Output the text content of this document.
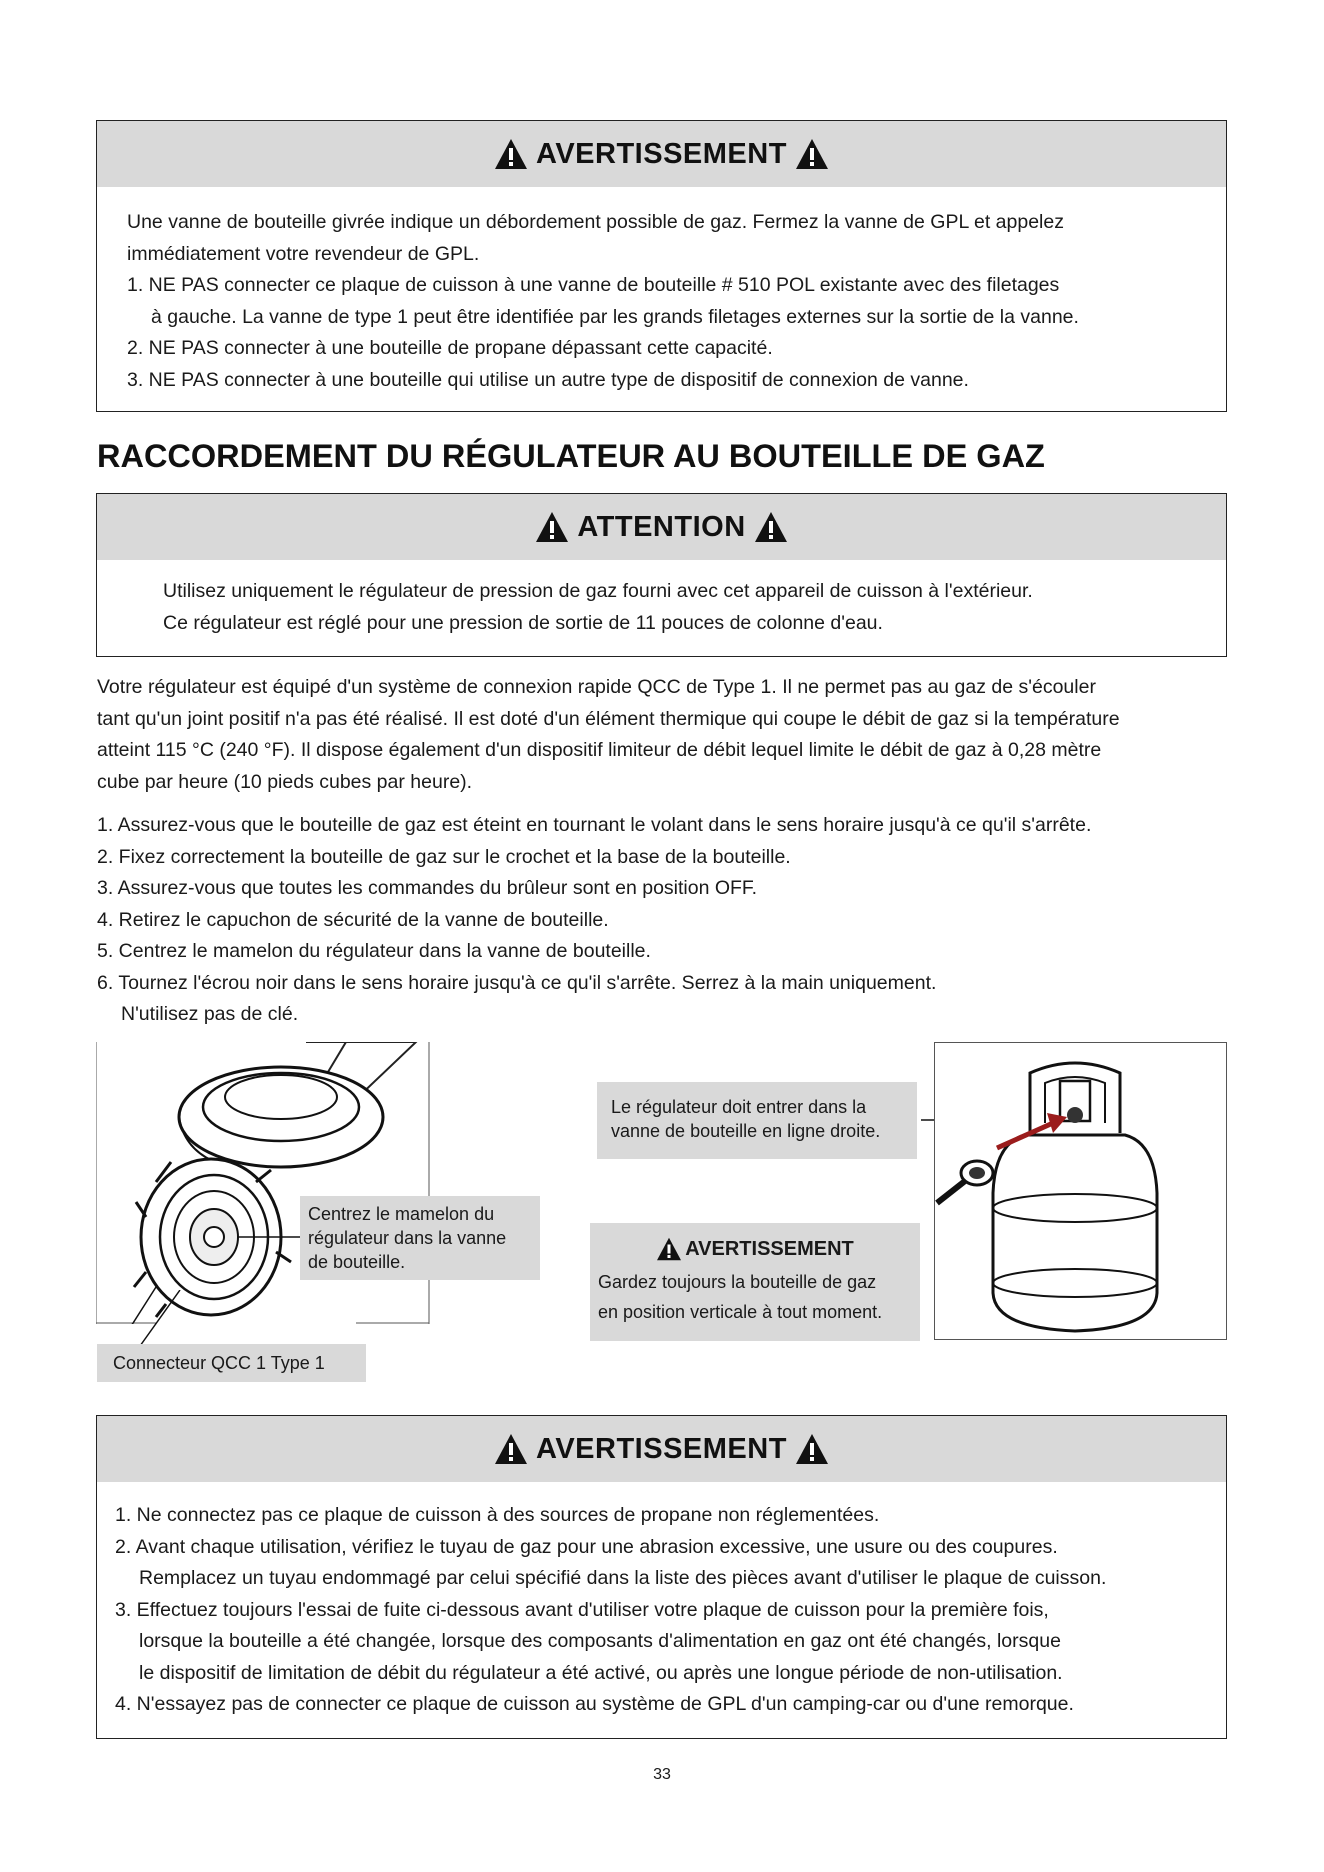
AVERTISSEMENT
Une vanne de bouteille givrée indique un débordement possible de gaz. Fermez la vanne de GPL et appelez
immédiatement votre revendeur de GPL.
1. NE PAS connecter ce plaque de cuisson à une vanne de bouteille # 510 POL existante avec des filetages
à gauche. La vanne de type 1 peut être identifiée par les grands filetages externes sur la sortie de la vanne.
2. NE PAS connecter à une bouteille de propane dépassant cette capacité.
3. NE PAS connecter à une bouteille qui utilise un autre type de dispositif de connexion de vanne.
RACCORDEMENT DU RÉGULATEUR AU BOUTEILLE DE GAZ
ATTENTION
Utilisez uniquement le régulateur de pression de gaz fourni avec cet appareil de cuisson à l'extérieur.
Ce régulateur est réglé pour une pression de sortie de 11 pouces de colonne d'eau.
Votre régulateur est équipé d'un système de connexion rapide QCC de Type 1. Il ne permet pas au gaz de s'écouler
tant qu'un joint positif n'a pas été réalisé. Il est doté d'un élément thermique qui coupe le débit de gaz si la température
atteint 115 °C (240 °F). Il dispose également d'un dispositif limiteur de débit lequel limite le débit de gaz à 0,28 mètre
cube par heure (10 pieds cubes par heure).
1. Assurez-vous que le bouteille de gaz est éteint en tournant le volant dans le sens horaire jusqu'à ce qu'il s'arrête.
2. Fixez correctement la bouteille de gaz sur le crochet et la base de la bouteille.
3. Assurez-vous que toutes les commandes du brûleur sont en position OFF.
4. Retirez le capuchon de sécurité de la vanne de bouteille.
5. Centrez le mamelon du régulateur dans la vanne de bouteille.
6. Tournez l'écrou noir dans le sens horaire jusqu'à ce qu'il s'arrête. Serrez à la main uniquement.
N'utilisez pas de clé.
Centrez le mamelon du
régulateur dans la vanne
de bouteille.
Connecteur QCC 1 Type 1
Le régulateur doit entrer dans la
vanne de bouteille en ligne droite.
AVERTISSEMENT
Gardez toujours la bouteille de gaz
en position verticale à tout moment.
AVERTISSEMENT
1. Ne connectez pas ce plaque de cuisson à des sources de propane non réglementées.
2. Avant chaque utilisation, vérifiez le tuyau de gaz pour une abrasion excessive, une usure ou des coupures.
Remplacez un tuyau endommagé par celui spécifié dans la liste des pièces avant d'utiliser le plaque de cuisson.
3. Effectuez toujours l'essai de fuite ci-dessous avant d'utiliser votre plaque de cuisson pour la première fois,
lorsque la bouteille a été changée, lorsque des composants d'alimentation en gaz ont été changés, lorsque
le dispositif de limitation de débit du régulateur a été activé, ou après une longue période de non-utilisation.
4. N'essayez pas de connecter ce plaque de cuisson au système de GPL d'un camping-car ou d'une remorque.
33
